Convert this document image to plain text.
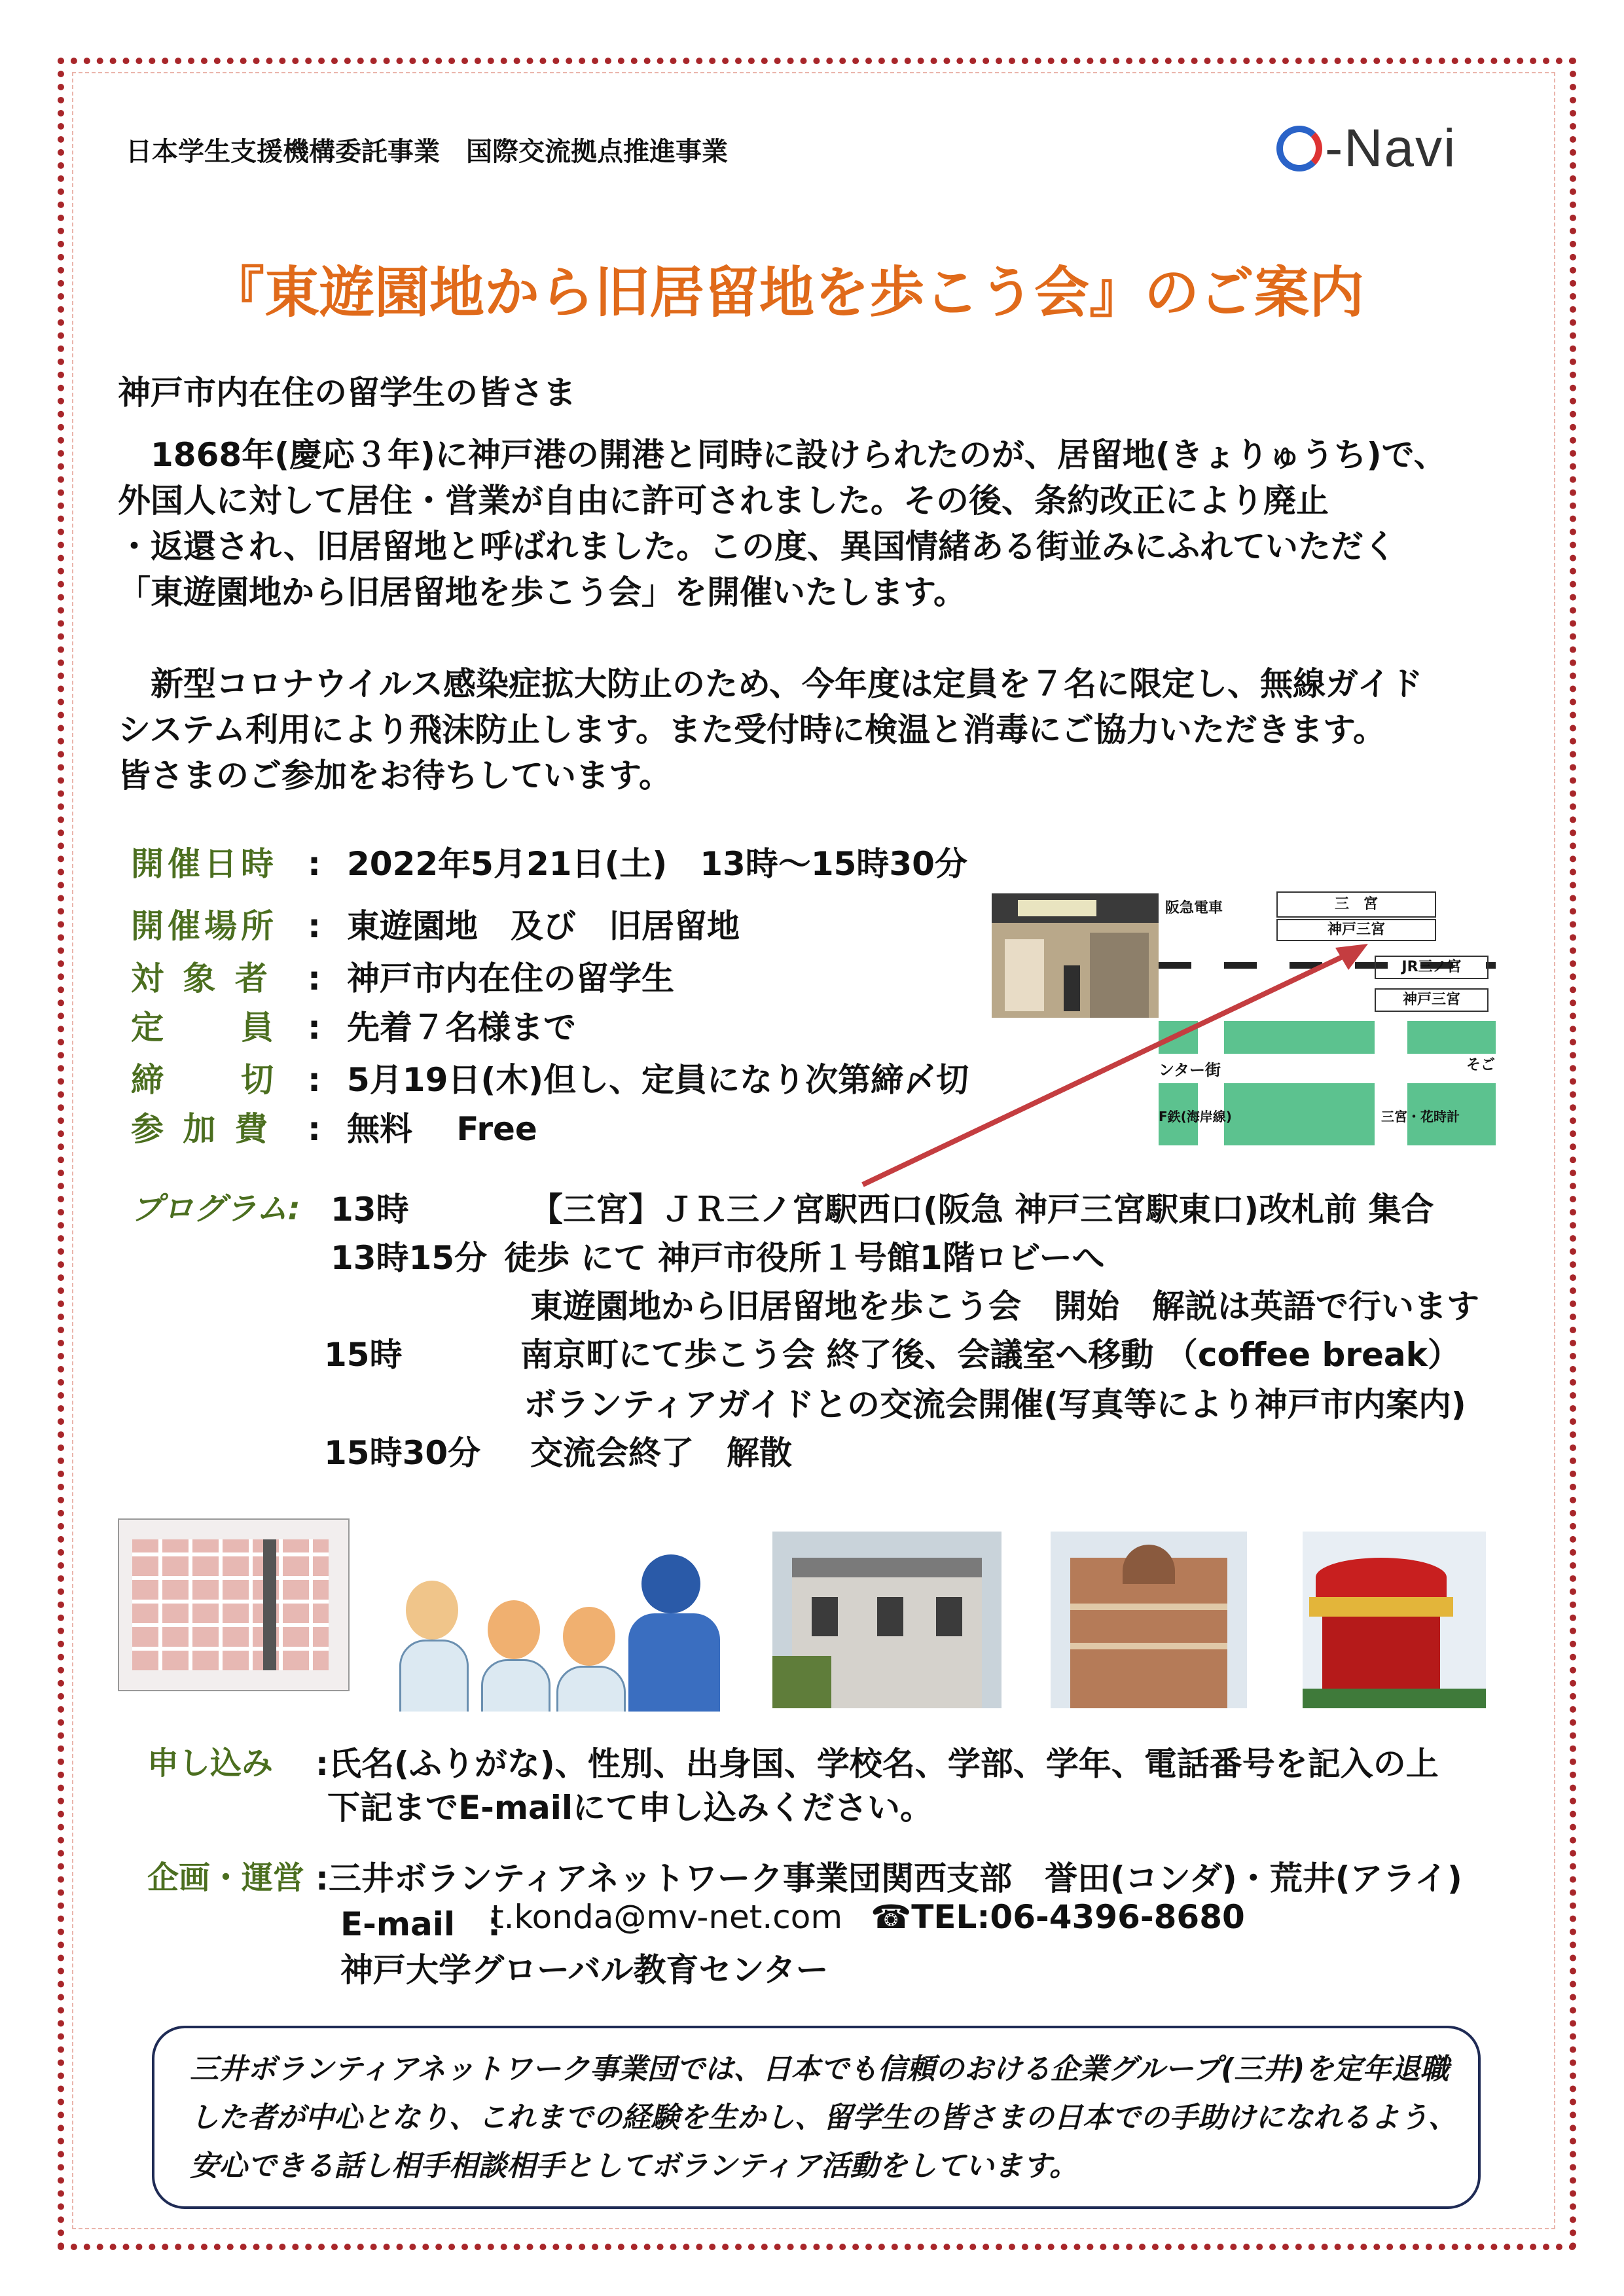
日本学生支援機構委託事業　国際交流拠点推進事業	-Navi
『東遊園地から旧居留地を歩こう会』のご案内
神戸市内在住の留学生の皆さま
　1868年(慶応３年)に神戸港の開港と同時に設けられたのが、居留地(きょりゅうち)で、
外国人に対して居住・営業が自由に許可されました。その後、条約改正により廃止
・返還され、旧居留地と呼ばれました。この度、異国情緒ある街並みにふれていただく
「東遊園地から旧居留地を歩こう会」を開催いたします。
　新型コロナウイルス感染症拡大防止のため、今年度は定員を７名に限定し、無線ガイド
システム利用により飛沫防止します。また受付時に検温と消毒にご協力いただきます。
皆さまのご参加をお待ちしています。
開催日時 : 2022年5月21日(土)　13時～15時30分
開催場所 : 東遊園地　及び　旧居留地
対 象 者 : 神戸市内在住の留学生
定　　員 : 先着７名様まで
締　　切 : 5月19日(木)但し、定員になり次第締〆切
参 加 費 : 無料　 Free
阪急電車	三　宮
神戸三宮
JR三ノ宮
神戸三宮
ンター街
F鉄(海岸線)	三宮・花時計
そご
プログラム: 13時	【三宮】ＪＲ三ノ宮駅西口(阪急 神戸三宮駅東口)改札前 集合
13時15分 徒歩 にて 神戸市役所１号館1階ロビーへ
東遊園地から旧居留地を歩こう会　開始　解説は英語で行います
15時	南京町にて歩こう会 終了後、会議室へ移動 （coffee break）
ボランティアガイドとの交流会開催(写真等により神戸市内案内)
15時30分 交流会終了　解散
申し込み :氏名(ふりがな)、性別、出身国、学校名、学部、学年、電話番号を記入の上
下記までE-mailにて申し込みください。
企画・運営 :三井ボランティアネットワーク事業団関西支部　誉田(コンダ)・荒井(アライ)
E-mail　:
t.konda@mv-net.com ☎TEL:06-4396-8680
神戸大学グローバル教育センター
三井ボランティアネットワーク事業団では、日本でも信頼のおける企業グループ(三井)を定年退職
した者が中心となり、これまでの経験を生かし、留学生の皆さまの日本での手助けになれるよう、
安心できる話し相手相談相手としてボランティア活動をしています。
